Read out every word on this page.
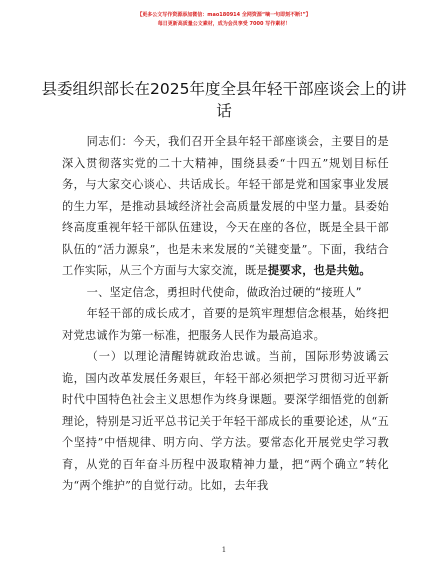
【更多公文写作资源添加微信：mao180914 全网资源“嘀一句即刻不断!”】
每日更新高质量公文素材，成为会员享受 7000 写作素材！
县委组织部长在2025年度全县年轻干部座谈会上的讲话

同志们：今天，我们召开全县年轻干部座谈会，主要目的是深入贯彻落实党的二十大精神，围绕县委“十四五”规划目标任务，与大家交心谈心、共话成长。年轻干部是党和国家事业发展的生力军，是推动县域经济社会高质量发展的中坚力量。县委始终高度重视年轻干部队伍建设，今天在座的各位，既是全县干部队伍的“活力源泉”，也是未来发展的“关键变量”。下面，我结合工作实际，从三个方面与大家交流，既是提要求，也是共勉。

一、坚定信念，勇担时代使命，做政治过硬的“接班人”

年轻干部的成长成才，首要的是筑牢理想信念根基，始终把对党忠诚作为第一标准，把服务人民作为最高追求。

（一）以理论清醒铸就政治忠诚。当前，国际形势波谲云诡，国内改革发展任务艰巨，年轻干部必须把学习贯彻习近平新时代中国特色社会主义思想作为终身课题。要深学细悟党的创新理论，特别是习近平总书记关于年轻干部成长的重要论述，从“五个坚持”中悟规律、明方向、学方法。要常态化开展党史学习教育，从党的百年奋斗历程中汲取精神力量，把“两个确立”转化为“两个维护”的自觉行动。比如，去年我

1
